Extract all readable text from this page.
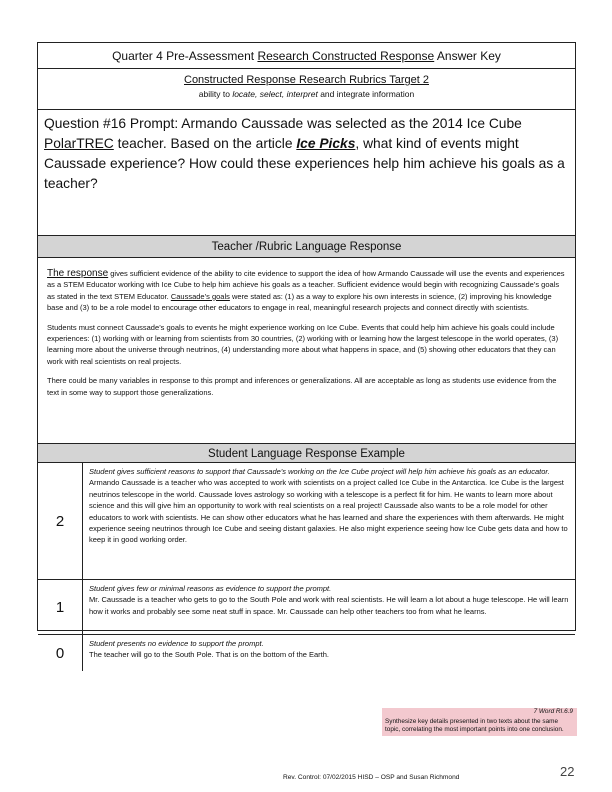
Quarter 4 Pre-Assessment Research Constructed Response Answer Key
Constructed Response Research Rubrics Target 2
ability to locate, select, interpret and integrate information
Question #16 Prompt: Armando Caussade was selected as the 2014 Ice Cube PolarTREC teacher. Based on the article Ice Picks, what kind of events might Caussade experience? How could these experiences help him achieve his goals as a teacher?
Teacher /Rubric Language Response

The response gives sufficient evidence of the ability to cite evidence to support the idea of how Armando Caussade will use the events and experiences as a STEM Educator working with Ice Cube to help him achieve his goals as a teacher. Sufficient evidence would begin with recognizing Caussade’s goals as stated in the text STEM Educator. Caussade’s goals were stated as: (1) as a way to explore his own interests in science, (2) improving his knowledge base and (3) to be a role model to encourage other educators to engage in real, meaningful research projects and connect directly with scientists.

Students must connect Caussade’s goals to events he might experience working on Ice Cube. Events that could help him achieve his goals could include experiences: (1) working with or learning from scientists from 30 countries, (2) working with or learning how the largest telescope in the world operates, (3) learning more about the universe through neutrinos, (4) understanding more about what happens in space, and (5) showing other educators that they can work with real scientists on real projects.

There could be many variables in response to this prompt and inferences or generalizations. All are acceptable as long as students use evidence from the text in some way to support those generalizations.

Student Language Response Example
2
Student gives sufficient reasons to support that Caussade’s working on the Ice Cube project will help him achieve his goals as an educator.
Armando Caussade is a teacher who was accepted to work with scientists on a project called Ice Cube in the Antarctica. Ice Cube is the largest neutrinos telescope in the world. Caussade loves astrology so working with a telescope is a perfect fit for him. He wants to learn more about science and this will give him an opportunity to work with real scientists on a real project! Caussade also wants to be a role model for other educators to work with scientists. He can show other educators what he has learned and share the experiences with them afterwards. He might experience seeing neutrinos through Ice Cube and seeing distant galaxies. He also might experience seeing how Ice Cube gets data and how to keep it in good working order.
1
Student gives few or minimal reasons as evidence to support the prompt.
Mr. Caussade is a teacher who gets to go to the South Pole and work with real scientists. He will learn a lot about a huge telescope. He will learn how it works and probably see some neat stuff in space. Mr. Caussade can help other teachers too from what he learns.
0
Student presents no evidence to support the prompt.
The teacher will go to the South Pole. That is on the bottom of the Earth.
7 Word RI.6.9
Synthesize key details presented in two texts about the same topic, correlating the most important points into one conclusion.
Rev. Control: 07/02/2015 HISD – OSP and Susan Richmond	22
